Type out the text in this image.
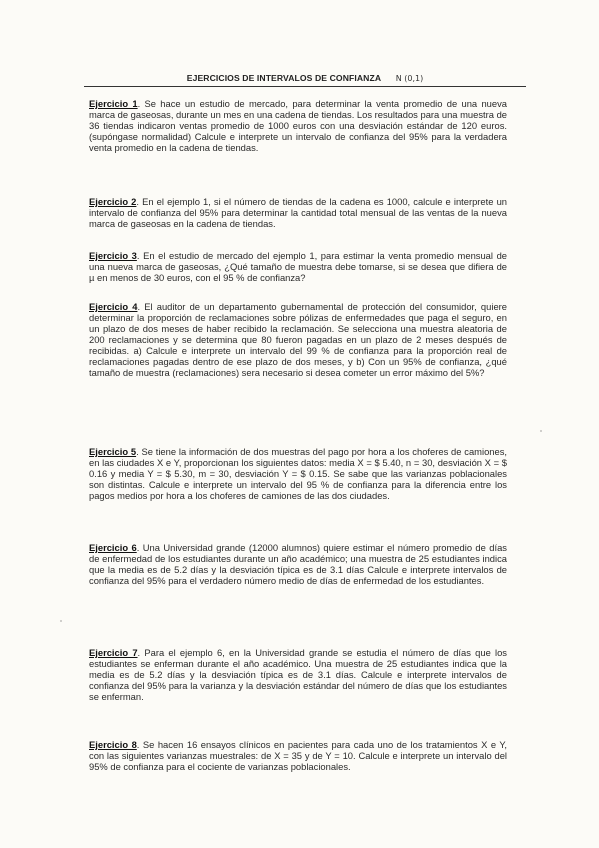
EJERCICIOS DE INTERVALOS DE CONFIANZA N (0,1)

Ejercicio 1. Se hace un estudio de mercado, para determinar la venta promedio de una nueva marca de gaseosas, durante un mes en una cadena de tiendas. Los resultados para una muestra de 36 tiendas indicaron ventas promedio de 1000 euros con una desviación estándar de 120 euros. (supóngase normalidad) Calcule e interprete un intervalo de confianza del 95% para la verdadera venta promedio en la cadena de tiendas.

Ejercicio 2. En el ejemplo 1, si el número de tiendas de la cadena es 1000, calcule e interprete un intervalo de confianza del 95% para determinar la cantidad total mensual de las ventas de la nueva marca de gaseosas en la cadena de tiendas.

Ejercicio 3. En el estudio de mercado del ejemplo 1, para estimar la venta promedio mensual de una nueva marca de gaseosas, ¿Qué tamaño de muestra debe tomarse, si se desea que difiera de µ en menos de 30 euros, con el 95 % de confianza?

Ejercicio 4. El auditor de un departamento gubernamental de protección del consumidor, quiere determinar la proporción de reclamaciones sobre pólizas de enfermedades que paga el seguro, en un plazo de dos meses de haber recibido la reclamación. Se selecciona una muestra aleatoria de 200 reclamaciones y se determina que 80 fueron pagadas en un plazo de 2 meses después de recibidas. a) Calcule e interprete un intervalo del 99 % de confianza para la proporción real de reclamaciones pagadas dentro de ese plazo de dos meses, y b) Con un 95% de confianza, ¿qué tamaño de muestra (reclamaciones) sera necesario si desea cometer un error máximo del 5%?

Ejercicio 5. Se tiene la información de dos muestras del pago por hora a los choferes de camiones, en las ciudades X e Y, proporcionan los siguientes datos: media X = $ 5.40, n = 30, desviación X = $ 0.16 y media Y = $ 5.30, m = 30, desviación Y = $ 0.15. Se sabe que las varianzas poblacionales son distintas. Calcule e interprete un intervalo del 95 % de confianza para la diferencia entre los pagos medios por hora a los choferes de camiones de las dos ciudades.

Ejercicio 6. Una Universidad grande (12000 alumnos) quiere estimar el número promedio de días de enfermedad de los estudiantes durante un año académico; una muestra de 25 estudiantes indica que la media es de 5.2 días y la desviación típica es de 3.1 días Calcule e interprete intervalos de confianza del 95% para el verdadero número medio de días de enfermedad de los estudiantes.

Ejercicio 7. Para el ejemplo 6, en la Universidad grande se estudia el número de días que los estudiantes se enferman durante el año académico. Una muestra de 25 estudiantes indica que la media es de 5.2 días y la desviación típica es de 3.1 días. Calcule e interprete intervalos de confianza del 95% para la varianza y la desviación estándar del número de días que los estudiantes se enferman.

Ejercicio 8. Se hacen 16 ensayos clínicos en pacientes para cada uno de los tratamientos X e Y, con las siguientes varianzas muestrales: de X = 35 y de Y = 10. Calcule e interprete un intervalo del 95% de confianza para el cociente de varianzas poblacionales.
